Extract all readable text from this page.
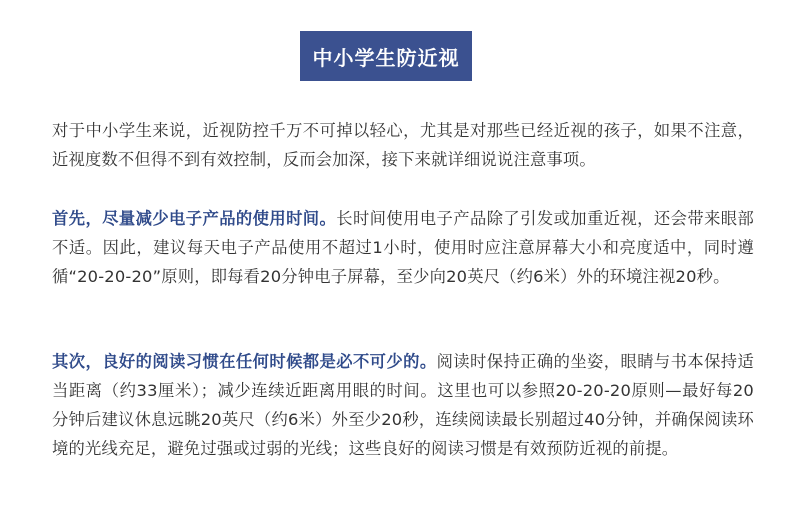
中小学生防近视

对于中小学生来说，近视防控千万不可掉以轻心，尤其是对那些已经近视的孩子，如果不注意，近视度数不但得不到有效控制，反而会加深，接下来就详细说说注意事项。

首先，尽量减少电子产品的使用时间。长时间使用电子产品除了引发或加重近视，还会带来眼部不适。因此，建议每天电子产品使用不超过1小时，使用时应注意屏幕大小和亮度适中，同时遵循“20-20-20”原则，即每看20分钟电子屏幕，至少向20英尺（约6米）外的环境注视20秒。

其次，良好的阅读习惯在任何时候都是必不可少的。阅读时保持正确的坐姿，眼睛与书本保持适当距离（约33厘米）；减少连续近距离用眼的时间。这里也可以参照20-20-20原则—最好每20分钟后建议休息远眺20英尺（约6米）外至少20秒，连续阅读最长别超过40分钟，并确保阅读环境的光线充足，避免过强或过弱的光线；这些良好的阅读习惯是有效预防近视的前提。
